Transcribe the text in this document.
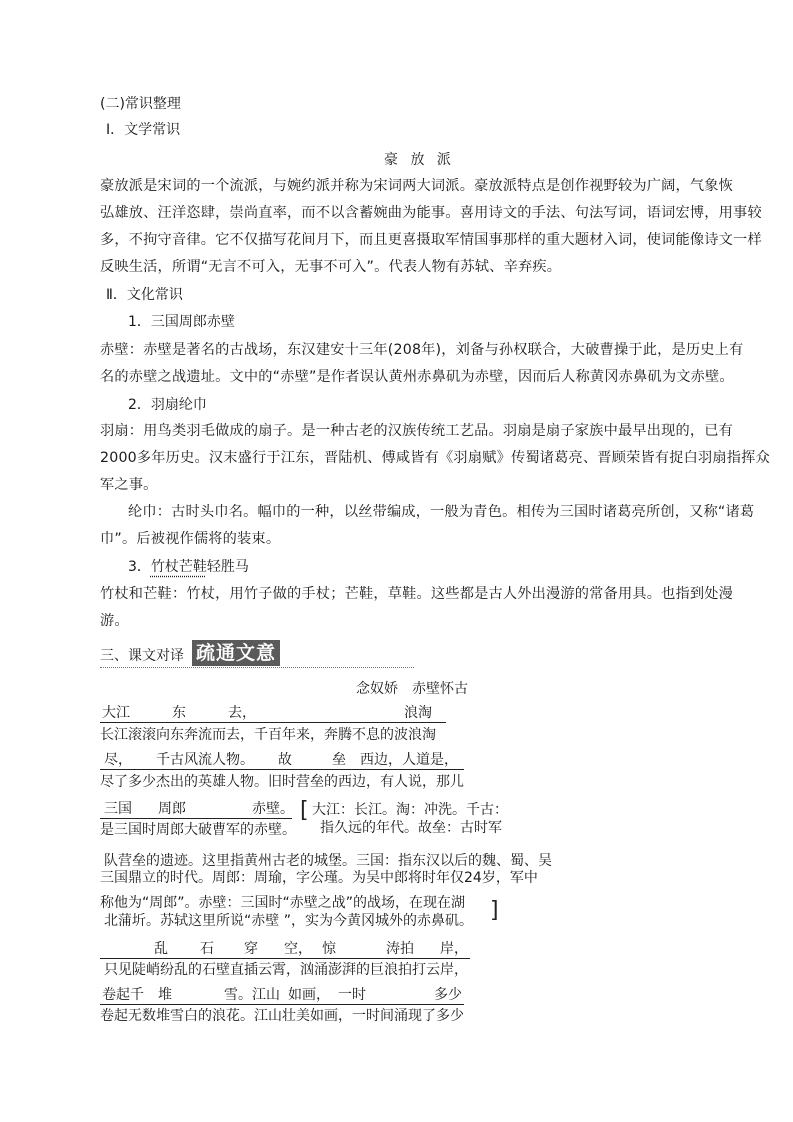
(二)常识整理
Ⅰ．文学常识
豪 放 派
豪放派是宋词的一个流派，与婉约派并称为宋词两大词派。豪放派特点是创作视野较为广阔，气象恢
弘雄放、汪洋恣肆，崇尚直率，而不以含蓄婉曲为能事。喜用诗文的手法、句法写词，语词宏博，用事较
多，不拘守音律。它不仅描写花间月下，而且更喜摄取军情国事那样的重大题材入词，使词能像诗文一样
反映生活，所谓“无言不可入，无事不可入”。代表人物有苏轼、辛弃疾。
Ⅱ．文化常识
1．三国周郎赤壁
赤壁：赤壁是著名的古战场，东汉建安十三年(208年)，刘备与孙权联合，大破曹操于此，是历史上有
名的赤壁之战遗址。文中的“赤壁”是作者误认黄州赤鼻矶为赤壁，因而后人称黄冈赤鼻矶为文赤壁。
2．羽扇纶巾
羽扇：用鸟类羽毛做成的扇子。是一种古老的汉族传统工艺品。羽扇是扇子家族中最早出现的，已有
2000多年历史。汉末盛行于江东，晋陆机、傅咸皆有《羽扇赋》传蜀诸葛亮、晋顾荣皆有捉白羽扇指挥众
军之事。
纶巾：古时头巾名。幅巾的一种，以丝带编成，一般为青色。相传为三国时诸葛亮所创，又称“诸葛
巾”。后被视作儒将的装束。
3．竹杖芒鞋轻胜马
竹杖和芒鞋：竹杖，用竹子做的手杖；芒鞋，草鞋。这些都是古人外出漫游的常备用具。也指到处漫
游。
三、课文对译 疏通文意
念奴娇　赤壁怀古
大江	东	去，	浪淘
长江滚滚向东奔流而去，千百年来，奔腾不息的波浪淘
尽， 千古风流人物。 故	垒 西边，人道是，
尽了多少杰出的英雄人物。旧时营垒的西边，有人说，那儿
三国 周郎	赤壁。
是三国时周郎大破曹军的赤壁。
[ 大江：长江。淘：冲洗。千古：
指久远的年代。故垒：古时军
队营垒的遗迹。这里指黄州古老的城堡。三国：指东汉以后的魏、蜀、吴
三国鼎立的时代。周郎：周瑜，字公瑾。为吴中郎将时年仅24岁，军中
称他为“周郎”。赤壁：三国时“赤壁之战”的战场，在现在湖
北蒲圻。苏轼这里所说“赤壁 ”，实为今黄冈城外的赤鼻矶。 ]
乱 石 穿 空， 惊	涛拍 岸，
只见陡峭纷乱的石壁直插云霄，汹涌澎湃的巨浪拍打云岸，
卷起千 堆	雪。江山 如画， 一时	多少
卷起无数堆雪白的浪花。江山壮美如画，一时间涌现了多少
